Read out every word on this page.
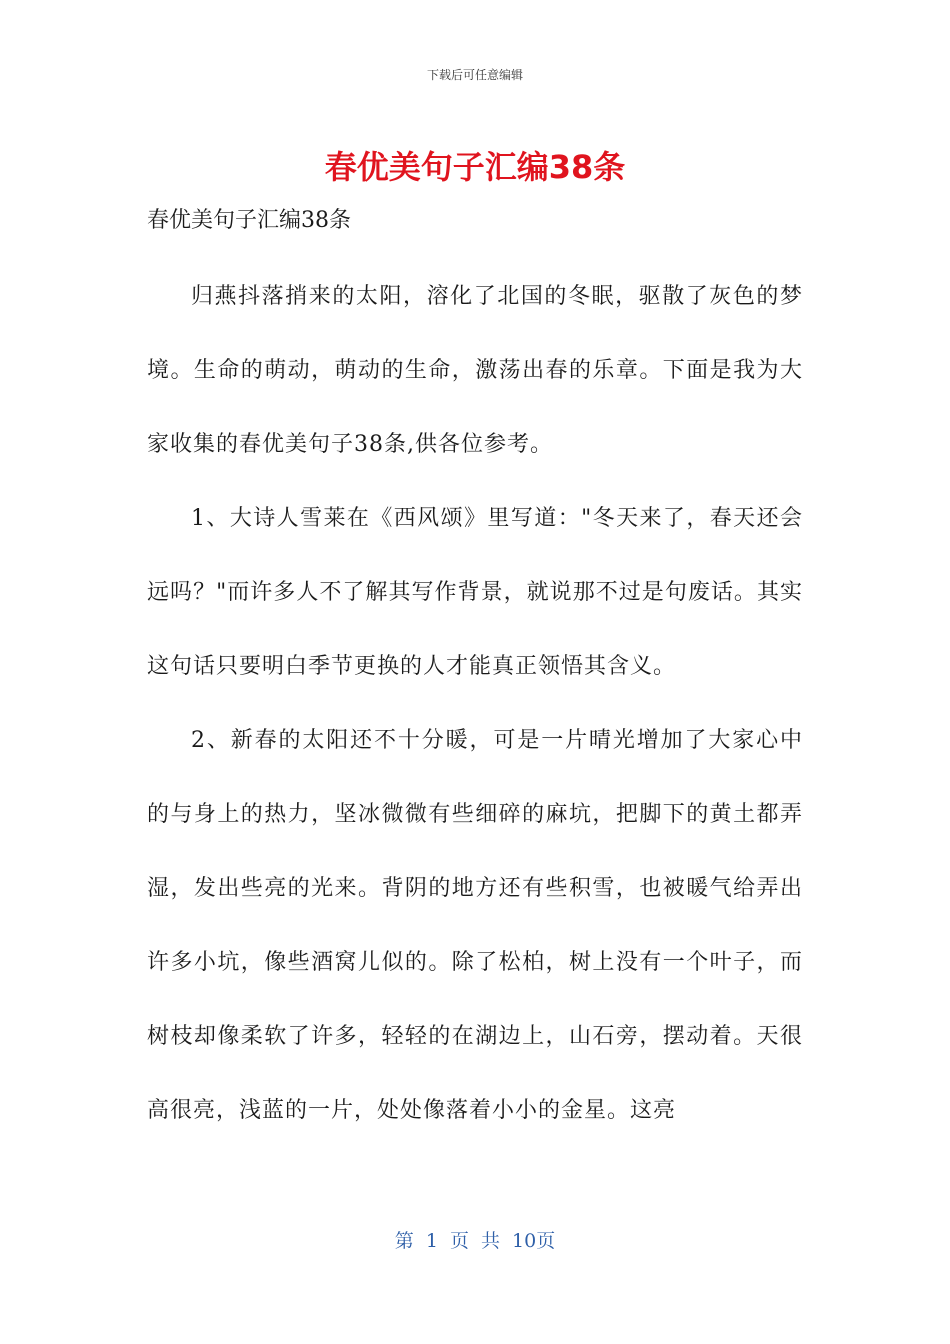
下载后可任意编辑
春优美句子汇编38条
春优美句子汇编38条

归燕抖落捎来的太阳，溶化了北国的冬眠，驱散了灰色的梦境。生命的萌动，萌动的生命，激荡出春的乐章。下面是我为大家收集的春优美句子38条,供各位参考。

1、大诗人雪莱在《西风颂》里写道："冬天来了，春天还会远吗？"而许多人不了解其写作背景，就说那不过是句废话。其实这句话只要明白季节更换的人才能真正领悟其含义。

2、新春的太阳还不十分暖，可是一片晴光增加了大家心中的与身上的热力，坚冰微微有些细碎的麻坑，把脚下的黄土都弄湿，发出些亮的光来。背阴的地方还有些积雪，也被暖气给弄出许多小坑，像些酒窝儿似的。除了松柏，树上没有一个叶子，而树枝却像柔软了许多，轻轻的在湖边上，山石旁，摆动着。天很高很亮，浅蓝的一片，处处像落着小小的金星。这亮

第 1 页 共 10页
